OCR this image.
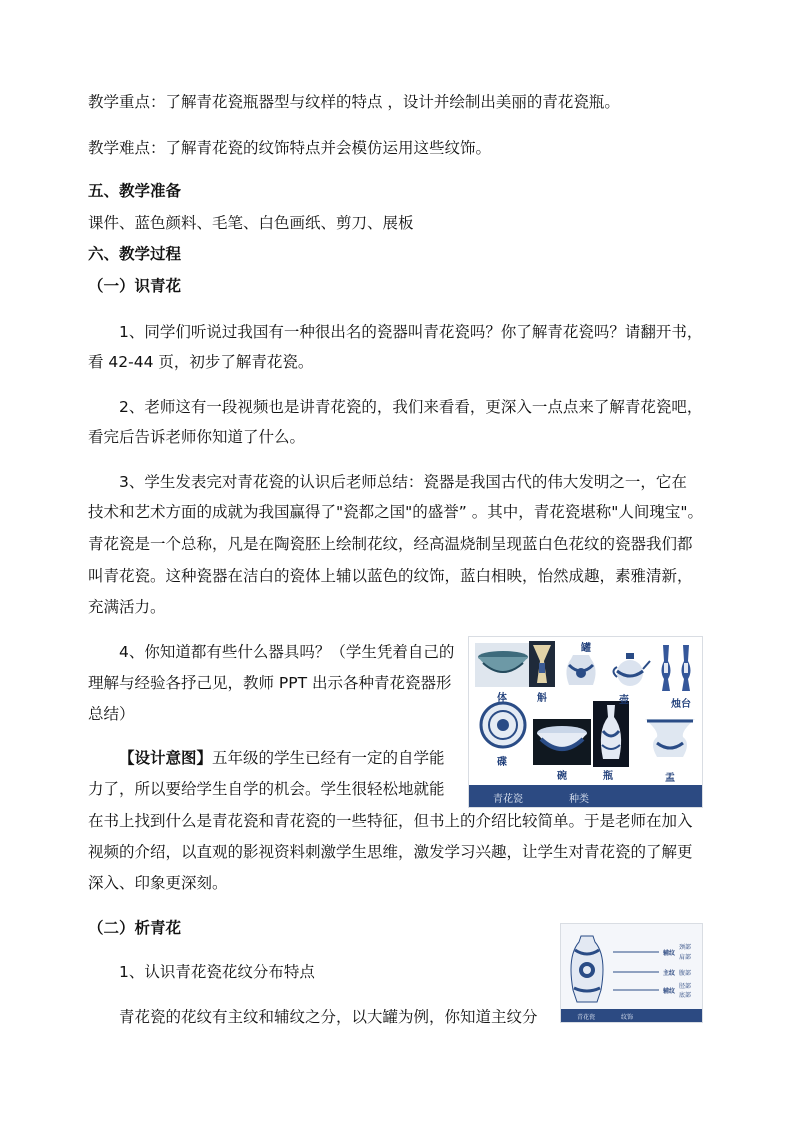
教学重点：了解青花瓷瓶器型与纹样的特点 ，设计并绘制出美丽的青花瓷瓶。
教学难点：了解青花瓷的纹饰特点并会模仿运用这些纹饰。
五、教学准备
课件、蓝色颜料、毛笔、白色画纸、剪刀、展板
六、教学过程
（一）识青花
1、同学们听说过我国有一种很出名的瓷器叫青花瓷吗？你了解青花瓷吗？请翻开书，
看 42-44 页，初步了解青花瓷。
2、老师这有一段视频也是讲青花瓷的，我们来看看，更深入一点点来了解青花瓷吧，
看完后告诉老师你知道了什么。
3、学生发表完对青花瓷的认识后老师总结：瓷器是我国古代的伟大发明之一，它在
技术和艺术方面的成就为我国赢得了"瓷都之国"的盛誉” 。其中，青花瓷堪称"人间瑰宝"。
青花瓷是一个总称，凡是在陶瓷胚上绘制花纹，经高温烧制呈现蓝白色花纹的瓷器我们都
叫青花瓷。这种瓷器在洁白的瓷体上辅以蓝色的纹饰，蓝白相映，怡然成趣，素雅清新，
充满活力。
4、你知道都有些什么器具吗？（学生凭着自己的
理解与经验各抒己见，教师 PPT 出示各种青花瓷器形
总结）
【设计意图】五年级的学生已经有一定的自学能
力了，所以要给学生自学的机会。学生很轻松地就能
在书上找到什么是青花瓷和青花瓷的一些特征，但书上的介绍比较简单。于是老师在加入
视频的介绍，以直观的影视资料刺激学生思维，激发学习兴趣，让学生对青花瓷的了解更
深入、印象更深刻。
（二）析青花
1、认识青花瓷花纹分布特点
青花瓷的花纹有主纹和辅纹之分，以大罐为例，你知道主纹分
体	斛
罐
壶	烛台
碟
碗	瓶	盂
青花瓷	种类
辅纹
主纹
辅纹
颈部
肩部
腹部
胫部
底部
青花瓷	纹饰
